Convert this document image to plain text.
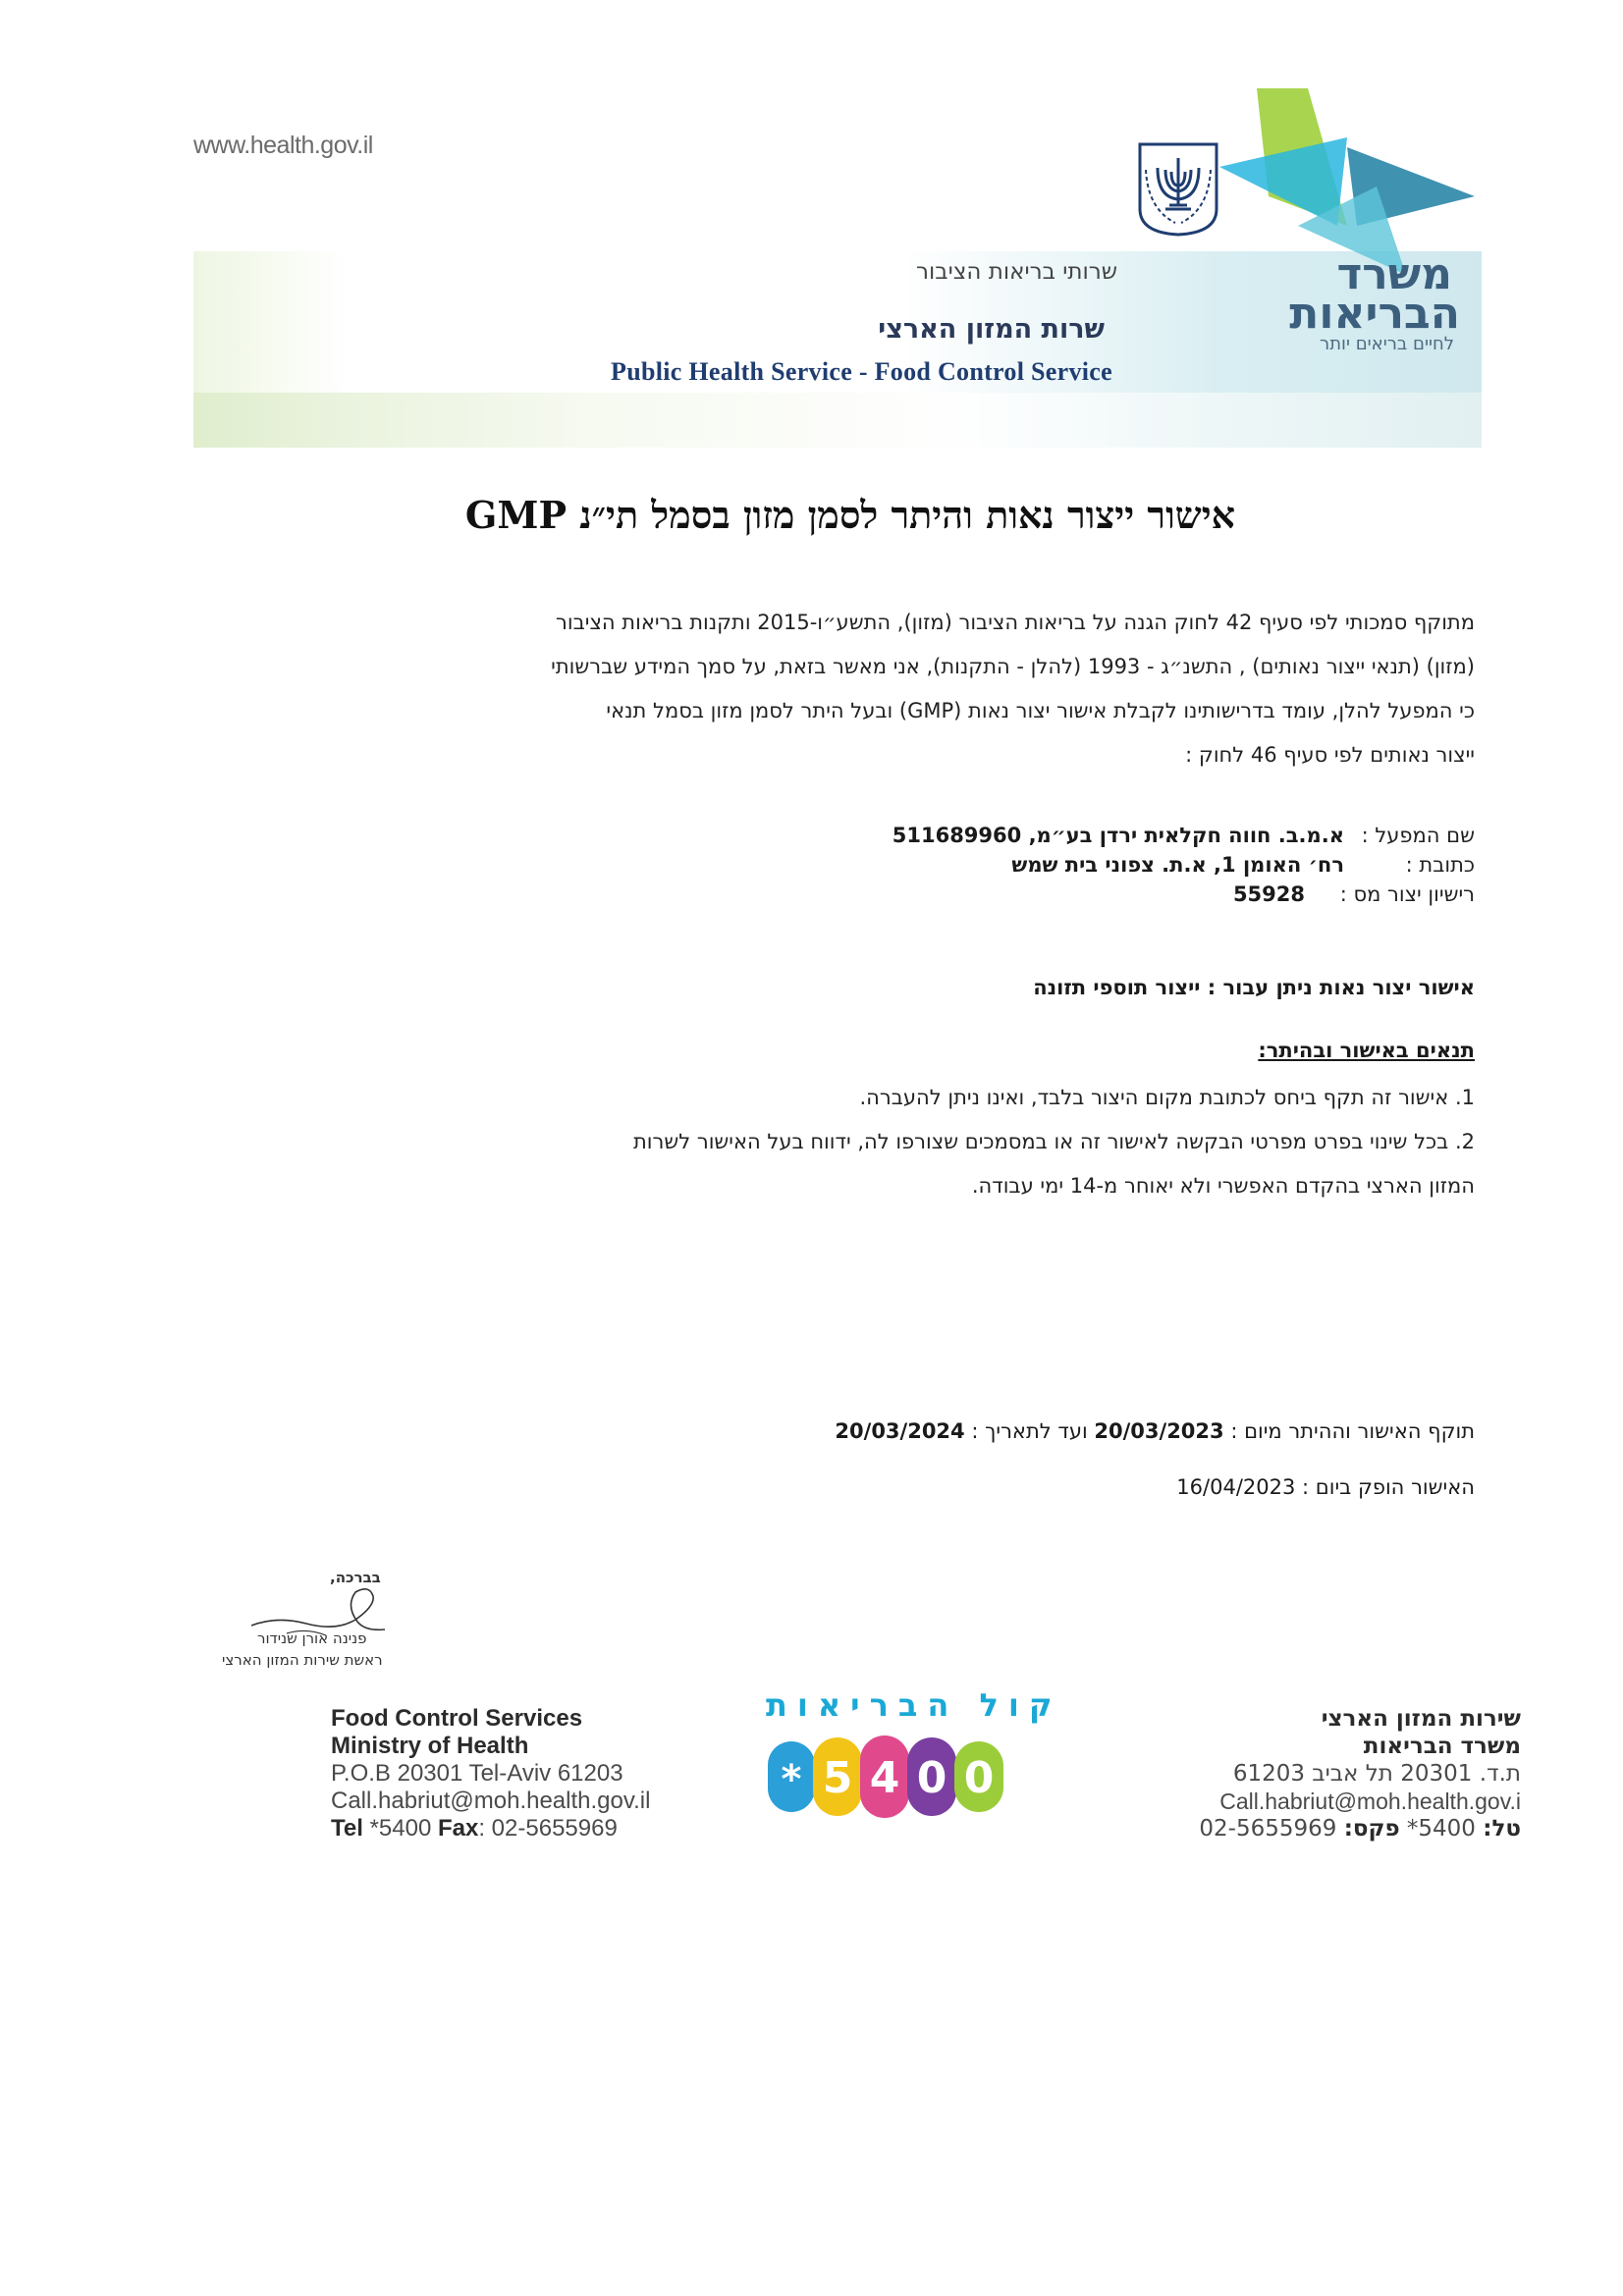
www.health.gov.il
שרותי בריאות הציבור
שרות המזון הארצי
Public Health Service - Food Control Service
משרד
הבריאות
לחיים בריאים יותר
אישור ייצור נאות והיתר לסמן מזון בסמל תי״נ GMP
מתוקף סמכותי לפי סעיף 42 לחוק הגנה על בריאות הציבור (מזון), התשע״ו-2015 ותקנות בריאות הציבור
(מזון) (תנאי ייצור נאותים) , התשנ״ג - 1993 (להלן - התקנות), אני מאשר בזאת, על סמך המידע שברשותי
כי המפעל להלן, עומד בדרישותינו לקבלת אישור יצור נאות (GMP) ובעל היתר לסמן מזון בסמל תנאי
ייצור נאותים לפי סעיף 46 לחוק :
שם המפעל :א.מ.ב. חווה חקלאית ירדן בע״מ, 511689960
כתובת :רח׳ האומן 1, א.ת. צפוני בית שמש
רישיון יצור מס :55928
אישור יצור נאות ניתן עבור : ייצור תוספי תזונה
תנאים באישור ובהיתר:
1. אישור זה תקף ביחס לכתובת מקום היצור בלבד, ואינו ניתן להעברה.
2. בכל שינוי בפרט מפרטי הבקשה לאישור זה או במסמכים שצורפו לה, ידווח בעל האישור לשרות
המזון הארצי בהקדם האפשרי ולא יאוחר מ-14 ימי עבודה.
תוקף האישור וההיתר מיום : 20/03/2023 ועד לתאריך : 20/03/2024
האישור הופק ביום : 16/04/2023
בברכה,
פנינה אורן שנידור
ראשת שירות המזון הארצי
Food Control Services
Ministry of Health
P.O.B 20301 Tel-Aviv 61203
Call.habriut@moh.health.gov.il
Tel *5400 Fax: 02-5655969
קול הבריאות
* 5 4 0 0
שירות המזון הארצי
משרד הבריאות
ת.ד. 20301 תל אביב 61203
Call.habriut@moh.health.gov.i
טל: 5400* פקס: 02-5655969
